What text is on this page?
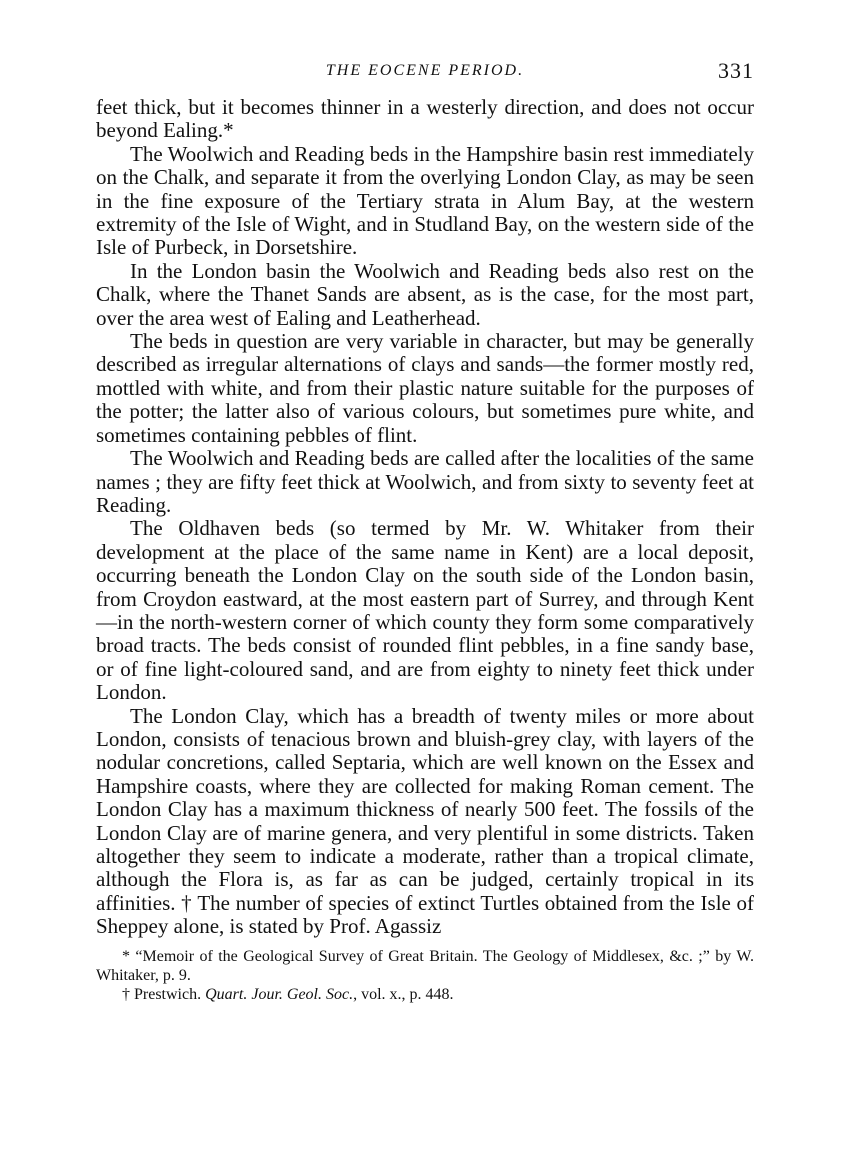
THE EOCENE PERIOD.	331

feet thick, but it becomes thinner in a westerly direction, and does not occur beyond Ealing.*

The Woolwich and Reading beds in the Hampshire basin rest immediately on the Chalk, and separate it from the overlying London Clay, as may be seen in the fine exposure of the Tertiary strata in Alum Bay, at the western extremity of the Isle of Wight, and in Studland Bay, on the western side of the Isle of Purbeck, in Dorsetshire.

In the London basin the Woolwich and Reading beds also rest on the Chalk, where the Thanet Sands are absent, as is the case, for the most part, over the area west of Ealing and Leatherhead.

The beds in question are very variable in character, but may be generally described as irregular alternations of clays and sands—the former mostly red, mottled with white, and from their plastic nature suitable for the purposes of the potter; the latter also of various colours, but sometimes pure white, and sometimes containing pebbles of flint.

The Woolwich and Reading beds are called after the localities of the same names ; they are fifty feet thick at Woolwich, and from sixty to seventy feet at Reading.

The Oldhaven beds (so termed by Mr. W. Whitaker from their development at the place of the same name in Kent) are a local deposit, occurring beneath the London Clay on the south side of the London basin, from Croydon eastward, at the most eastern part of Surrey, and through Kent—in the north-western corner of which county they form some comparatively broad tracts. The beds consist of rounded flint pebbles, in a fine sandy base, or of fine light-coloured sand, and are from eighty to ninety feet thick under London.

The London Clay, which has a breadth of twenty miles or more about London, consists of tenacious brown and bluish-grey clay, with layers of the nodular concretions, called Septaria, which are well known on the Essex and Hampshire coasts, where they are collected for making Roman cement. The London Clay has a maximum thickness of nearly 500 feet. The fossils of the London Clay are of marine genera, and very plentiful in some districts. Taken altogether they seem to indicate a moderate, rather than a tropical climate, although the Flora is, as far as can be judged, certainly tropical in its affinities. † The number of species of extinct Turtles obtained from the Isle of Sheppey alone, is stated by Prof. Agassiz

* “Memoir of the Geological Survey of Great Britain. The Geology of Middlesex, &c. ;” by W. Whitaker, p. 9.

† Prestwich. Quart. Jour. Geol. Soc., vol. x., p. 448.
